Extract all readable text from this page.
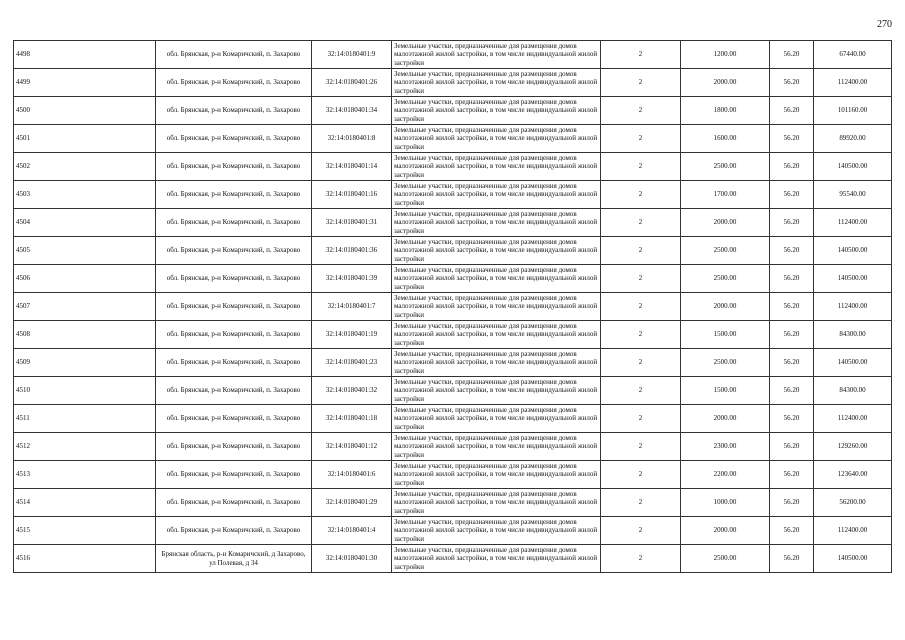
270
4498	обл. Брянская, р-н Комаричский, п. Захарово	32:14:0180401:9	Земельные участки, предназначенные для размещения домов малоэтажной жилой застройки, в том числе индивидуальной жилой застройки	2	1200.00	56.20	67440.00
4499	обл. Брянская, р-н Комаричский, п. Захарово	32:14:0180401:26	Земельные участки, предназначенные для размещения домов малоэтажной жилой застройки, в том числе индивидуальной жилой застройки	2	2000.00	56.20	112400.00
4500	обл. Брянская, р-н Комаричский, п. Захарово	32:14:0180401:34	Земельные участки, предназначенные для размещения домов малоэтажной жилой застройки, в том числе индивидуальной жилой застройки	2	1800.00	56.20	101160.00
4501	обл. Брянская, р-н Комаричский, п. Захарово	32:14:0180401:8	Земельные участки, предназначенные для размещения домов малоэтажной жилой застройки, в том числе индивидуальной жилой застройки	2	1600.00	56.20	89920.00
4502	обл. Брянская, р-н Комаричский, п. Захарово	32:14:0180401:14	Земельные участки, предназначенные для размещения домов малоэтажной жилой застройки, в том числе индивидуальной жилой застройки	2	2500.00	56.20	140500.00
4503	обл. Брянская, р-н Комаричский, п. Захарово	32:14:0180401:16	Земельные участки, предназначенные для размещения домов малоэтажной жилой застройки, в том числе индивидуальной жилой застройки	2	1700.00	56.20	95540.00
4504	обл. Брянская, р-н Комаричский, п. Захарово	32:14:0180401:31	Земельные участки, предназначенные для размещения домов малоэтажной жилой застройки, в том числе индивидуальной жилой застройки	2	2000.00	56.20	112400.00
4505	обл. Брянская, р-н Комаричский, п. Захарово	32:14:0180401:36	Земельные участки, предназначенные для размещения домов малоэтажной жилой застройки, в том числе индивидуальной жилой застройки	2	2500.00	56.20	140500.00
4506	обл. Брянская, р-н Комаричский, п. Захарово	32:14:0180401:39	Земельные участки, предназначенные для размещения домов малоэтажной жилой застройки, в том числе индивидуальной жилой застройки	2	2500.00	56.20	140500.00
4507	обл. Брянская, р-н Комаричский, п. Захарово	32:14:0180401:7	Земельные участки, предназначенные для размещения домов малоэтажной жилой застройки, в том числе индивидуальной жилой застройки	2	2000.00	56.20	112400.00
4508	обл. Брянская, р-н Комаричский, п. Захарово	32:14:0180401:19	Земельные участки, предназначенные для размещения домов малоэтажной жилой застройки, в том числе индивидуальной жилой застройки	2	1500.00	56.20	84300.00
4509	обл. Брянская, р-н Комаричский, п. Захарово	32:14:0180401:23	Земельные участки, предназначенные для размещения домов малоэтажной жилой застройки, в том числе индивидуальной жилой застройки	2	2500.00	56.20	140500.00
4510	обл. Брянская, р-н Комаричский, п. Захарово	32:14:0180401:32	Земельные участки, предназначенные для размещения домов малоэтажной жилой застройки, в том числе индивидуальной жилой застройки	2	1500.00	56.20	84300.00
4511	обл. Брянская, р-н Комаричский, п. Захарово	32:14:0180401:18	Земельные участки, предназначенные для размещения домов малоэтажной жилой застройки, в том числе индивидуальной жилой застройки	2	2000.00	56.20	112400.00
4512	обл. Брянская, р-н Комаричский, п. Захарово	32:14:0180401:12	Земельные участки, предназначенные для размещения домов малоэтажной жилой застройки, в том числе индивидуальной жилой застройки	2	2300.00	56.20	129260.00
4513	обл. Брянская, р-н Комаричский, п. Захарово	32:14:0180401:6	Земельные участки, предназначенные для размещения домов малоэтажной жилой застройки, в том числе индивидуальной жилой застройки	2	2200.00	56.20	123640.00
4514	обл. Брянская, р-н Комаричский, п. Захарово	32:14:0180401:29	Земельные участки, предназначенные для размещения домов малоэтажной жилой застройки, в том числе индивидуальной жилой застройки	2	1000.00	56.20	56200.00
4515	обл. Брянская, р-н Комаричский, п. Захарово	32:14:0180401:4	Земельные участки, предназначенные для размещения домов малоэтажной жилой застройки, в том числе индивидуальной жилой застройки	2	2000.00	56.20	112400.00
4516	Брянская область, р-н Комаричский, д Захарово, ул Полевая, д 34	32:14:0180401:30	Земельные участки, предназначенные для размещения домов малоэтажной жилой застройки, в том числе индивидуальной жилой застройки	2	2500.00	56.20	140500.00
